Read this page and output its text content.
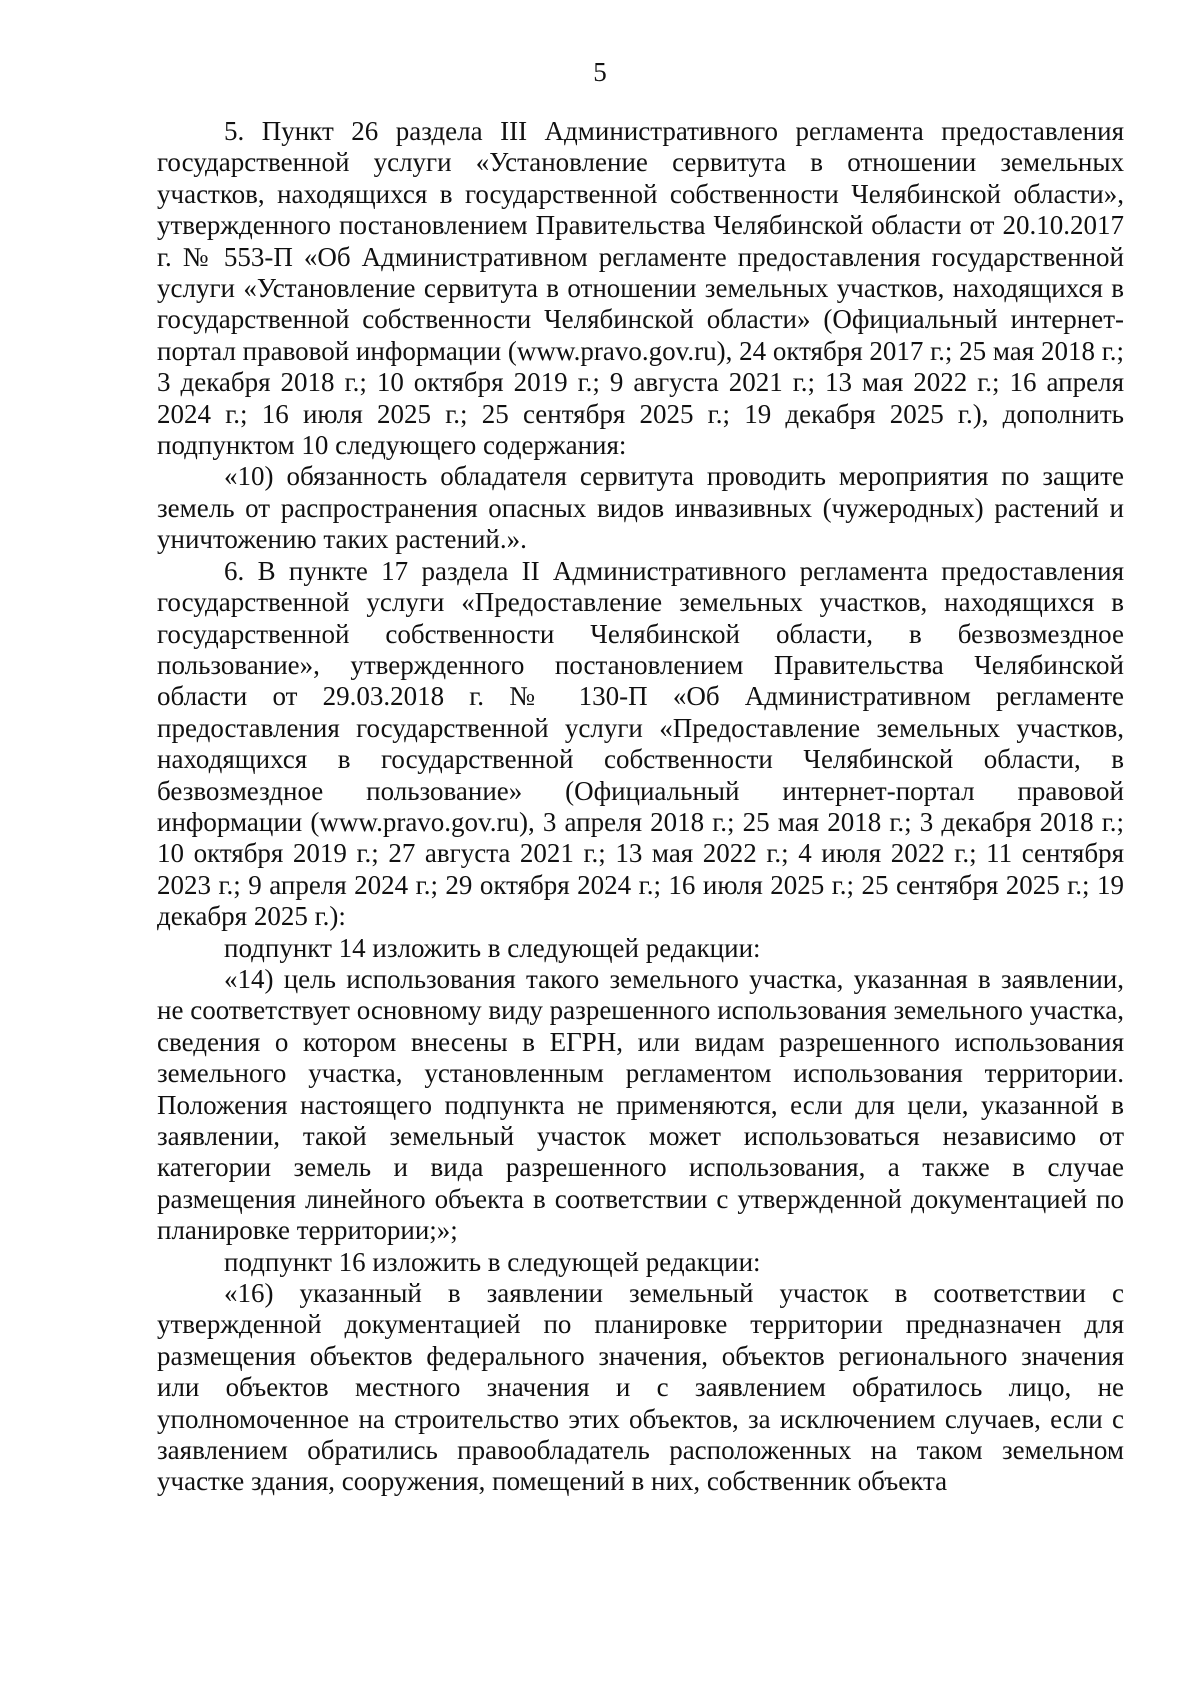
5

5. Пункт 26 раздела III Административного регламента предоставления государственной услуги «Установление сервитута в отношении земельных участков, находящихся в государственной собственности Челябинской области», утвержденного постановлением Правительства Челябинской области от 20.10.2017 г. № 553-П «Об Административном регламенте предоставления государственной услуги «Установление сервитута в отношении земельных участков, находящихся в государственной собственности Челябинской области» (Официальный интернет-портал правовой информации (www.pravo.gov.ru), 24 октября 2017 г.; 25 мая 2018 г.; 3 декабря 2018 г.; 10 октября 2019 г.; 9 августа 2021 г.; 13 мая 2022 г.; 16 апреля 2024 г.; 16 июля 2025 г.; 25 сентября 2025 г.; 19 декабря 2025 г.), дополнить подпунктом 10 следующего содержания:

«10) обязанность обладателя сервитута проводить мероприятия по защите земель от распространения опасных видов инвазивных (чужеродных) растений и уничтожению таких растений.».

6. В пункте 17 раздела II Административного регламента предоставления государственной услуги «Предоставление земельных участков, находящихся в государственной собственности Челябинской области, в безвозмездное пользование», утвержденного постановлением Правительства Челябинской области от 29.03.2018 г. № 130-П «Об Административном регламенте предоставления государственной услуги «Предоставление земельных участков, находящихся в государственной собственности Челябинской области, в безвозмездное пользование» (Официальный интернет-портал правовой информации (www.pravo.gov.ru), 3 апреля 2018 г.; 25 мая 2018 г.; 3 декабря 2018 г.; 10 октября 2019 г.; 27 августа 2021 г.; 13 мая 2022 г.; 4 июля 2022 г.; 11 сентября 2023 г.; 9 апреля 2024 г.; 29 октября 2024 г.; 16 июля 2025 г.; 25 сентября 2025 г.; 19 декабря 2025 г.):

подпункт 14 изложить в следующей редакции:

«14) цель использования такого земельного участка, указанная в заявлении, не соответствует основному виду разрешенного использования земельного участка, сведения о котором внесены в ЕГРН, или видам разрешенного использования земельного участка, установленным регламентом использования территории. Положения настоящего подпункта не применяются, если для цели, указанной в заявлении, такой земельный участок может использоваться независимо от категории земель и вида разрешенного использования, а также в случае размещения линейного объекта в соответствии с утвержденной документацией по планировке территории;»;

подпункт 16 изложить в следующей редакции:

«16) указанный в заявлении земельный участок в соответствии с утвержденной документацией по планировке территории предназначен для размещения объектов федерального значения, объектов регионального значения или объектов местного значения и с заявлением обратилось лицо, не уполномоченное на строительство этих объектов, за исключением случаев, если с заявлением обратились правообладатель расположенных на таком земельном участке здания, сооружения, помещений в них, собственник объекта
